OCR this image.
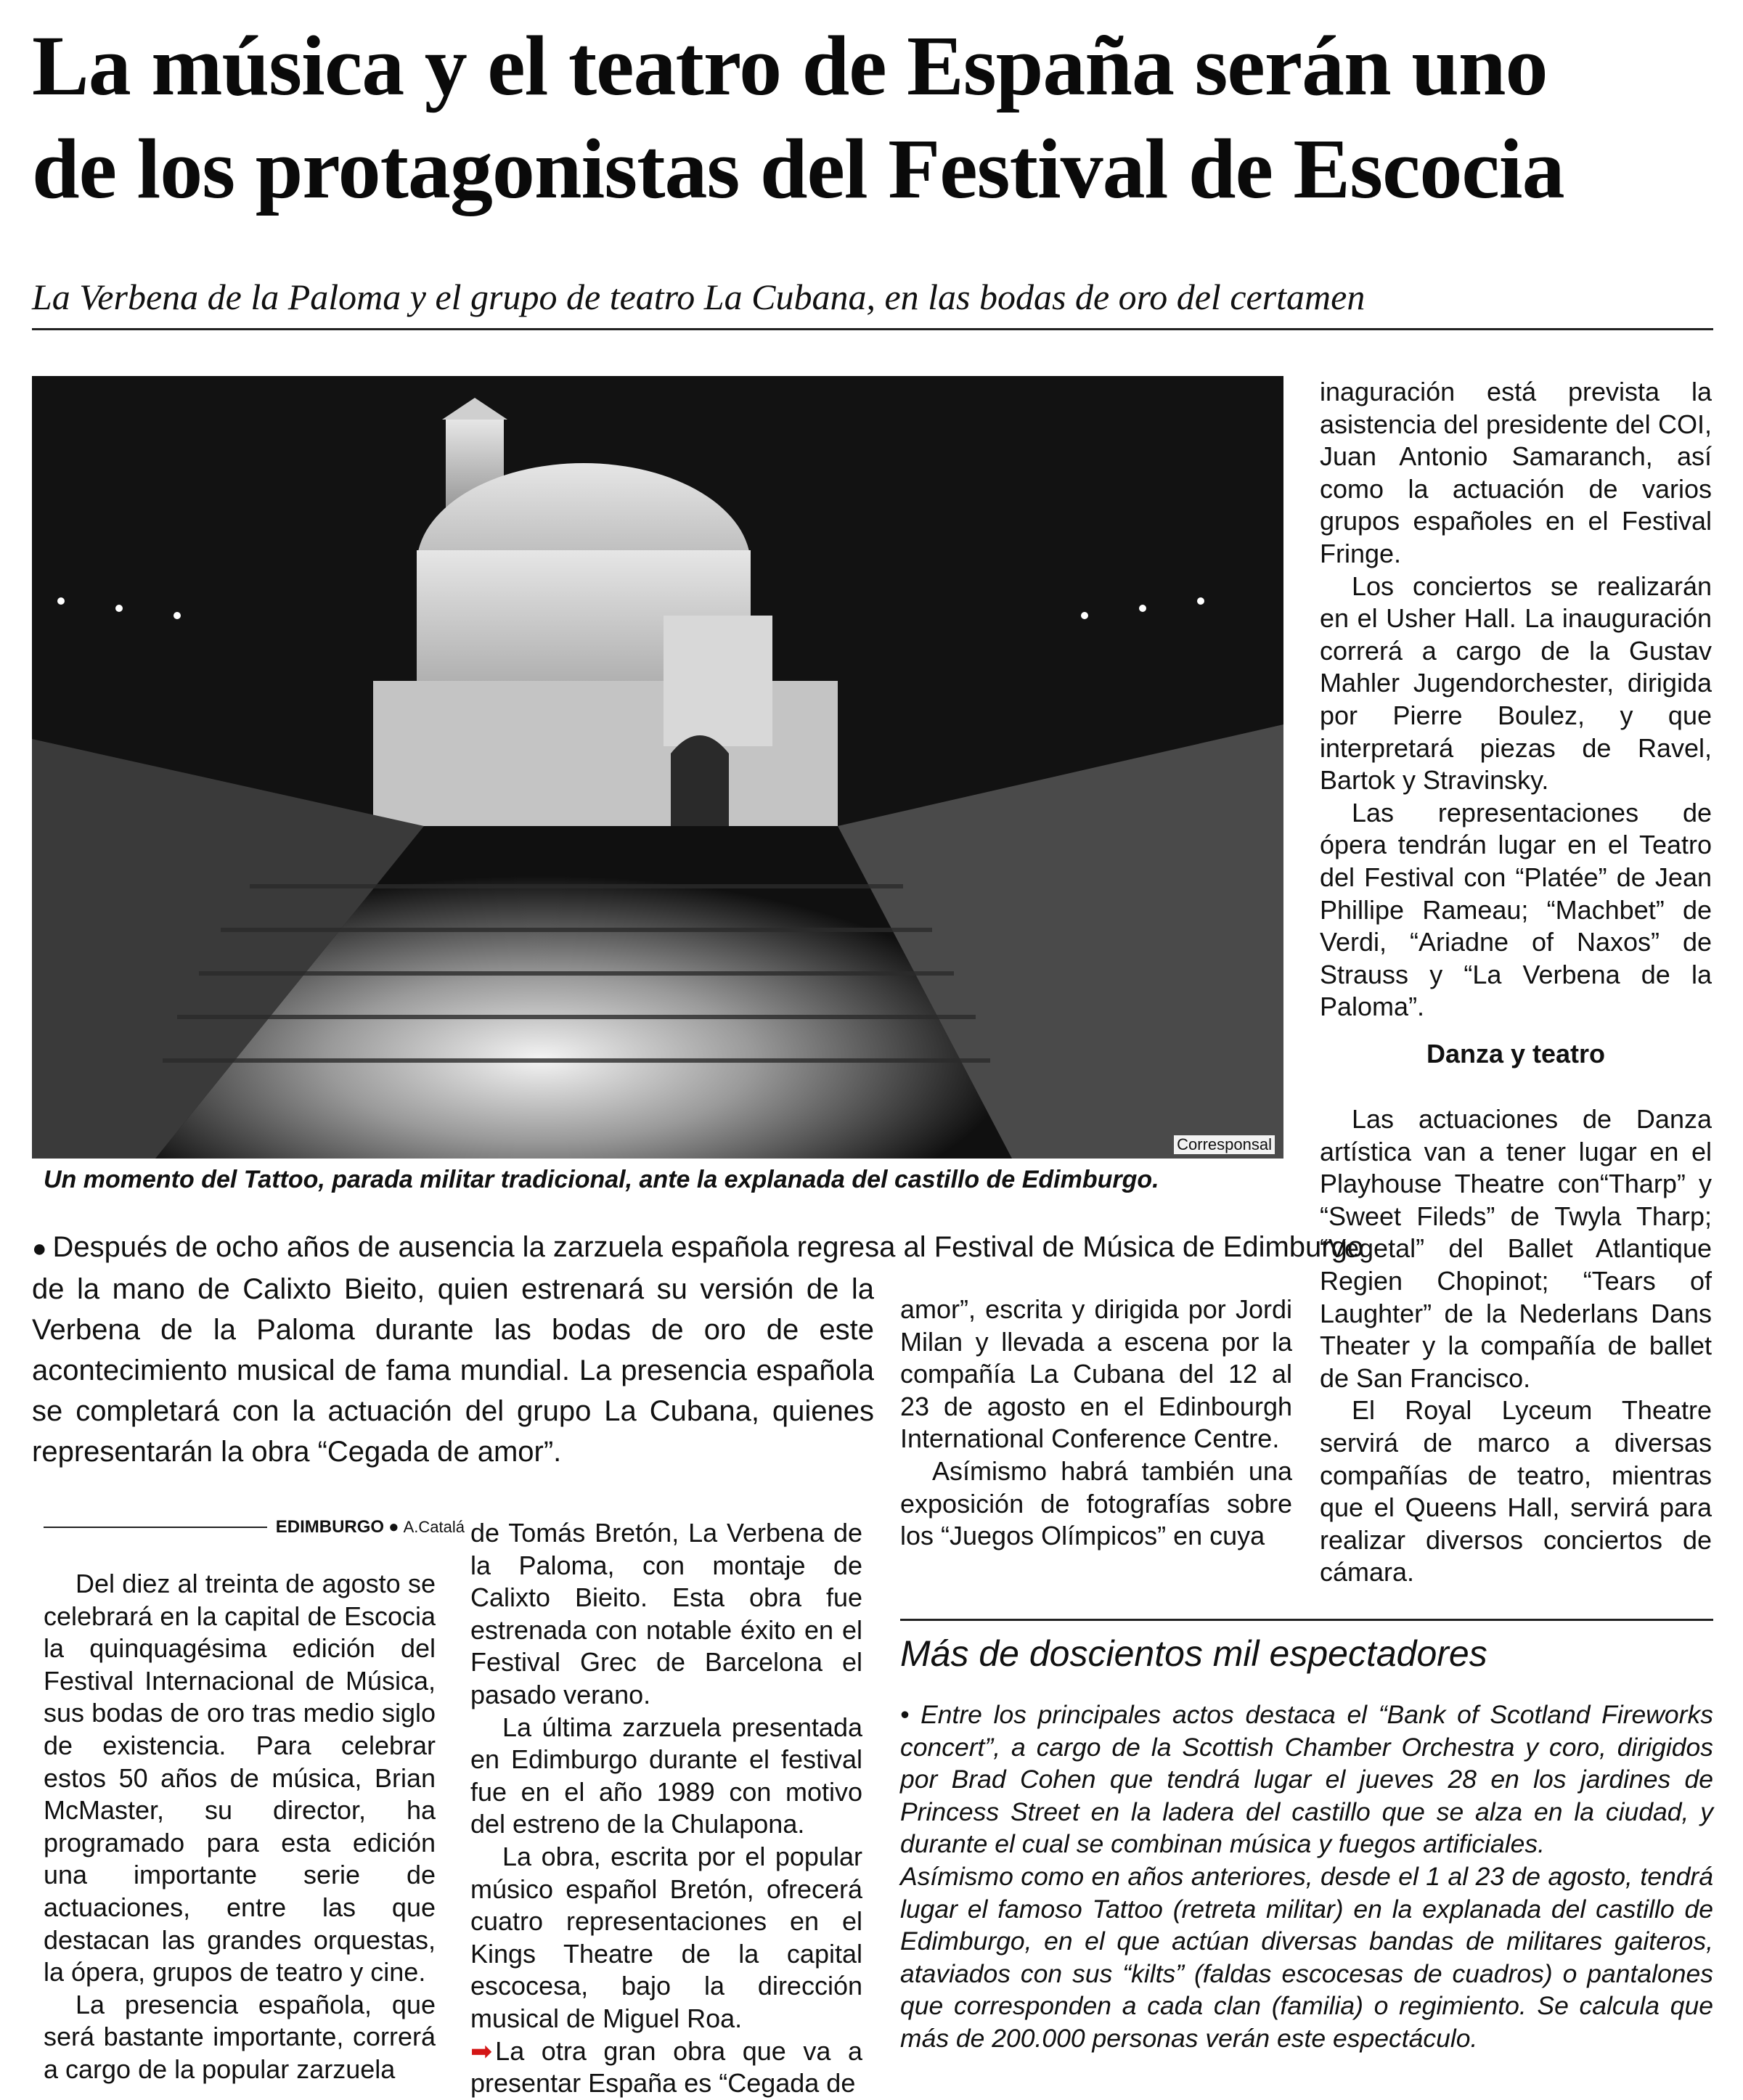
La música y el teatro de España serán uno
de los protagonistas del Festival de Escocia

La Verbena de la Paloma y el grupo de teatro La Cubana, en las bodas de oro del certamen

Corresponsal

Un momento del Tattoo, parada militar tradicional, ante la explanada del castillo de Edimburgo.

inaguración está prevista la asistencia del presidente del COI, Juan Antonio Samaranch, así como la actuación de varios grupos españoles en el Festival Fringe.

Los conciertos se realizarán en el Usher Hall. La inauguración correrá a cargo de la Gustav Mahler Jugendorchester, dirigida por Pierre Boulez, y que interpretará piezas de Ravel, Bartok y Stravinsky.

Las representaciones de ópera tendrán lugar en el Teatro del Festival con “Platée” de Jean Phillipe Rameau; “Machbet” de Verdi, “Ariadne of Naxos” de Strauss y “La Verbena de la Paloma”.

Danza y teatro

Las actuaciones de Danza artística van a tener lugar en el Playhouse Theatre con“Tharp” y “Sweet Fileds” de Twyla Tharp; “Vegetal” del Ballet Atlantique Regien Chopinot; “Tears of Laughter” de la Nederlans Dans Theater y la compañía de ballet de San Francisco.

El Royal Lyceum Theatre servirá de marco a diversas compañías de teatro, mientras que el Queens Hall, servirá para realizar diversos conciertos de cámara.

● Después de ocho años de ausencia la zarzuela española regresa al Festival de Música de Edimburgo
de la mano de Calixto Bieito, quien estrenará su versión de la Verbena de la Paloma durante las bodas de oro de este acontecimiento musical de fama mundial. La presencia española se completará con la actuación del grupo La Cubana, quienes representarán la obra “Cegada de amor”.
EDIMBURGO ● A.Catalá

Del diez al treinta de agosto se celebrará en la capital de Escocia la quinquagésima edición del Festival Internacional de Música, sus bodas de oro tras medio siglo de existencia. Para celebrar estos 50 años de música, Brian McMaster, su director, ha programado para esta edición una importante serie de actuaciones, entre las que destacan las grandes orquestas, la ópera, grupos de teatro y cine.

La presencia española, que será bastante importante, correrá a cargo de la popular zarzuela

de Tomás Bretón, La Verbena de la Paloma, con montaje de Calixto Bieito. Esta obra fue estrenada con notable éxito en el Festival Grec de Barcelona el pasado verano.

La última zarzuela presentada en Edimburgo durante el festival fue en el año 1989 con motivo del estreno de la Chulapona.

La obra, escrita por el popular músico español Bretón, ofrecerá cuatro representaciones en el Kings Theatre de la capital escocesa, bajo la dirección musical de Miguel Roa.

➡ La otra gran obra que va a presentar España es “Cegada de

amor”, escrita y dirigida por Jordi Milan y llevada a escena por la compañía La Cubana del 12 al 23 de agosto en el Edinbourgh International Conference Centre.

Asímismo habrá también una exposición de fotografías sobre los “Juegos Olímpicos” en cuya

Más de doscientos mil espectadores

• Entre los principales actos destaca el “Bank of Scotland Fireworks concert”, a cargo de la Scottish Chamber Orchestra y coro, dirigidos por Brad Cohen que tendrá lugar el jueves 28 en los jardines de Princess Street en la ladera del castillo que se alza en la ciudad, y durante el cual se combinan música y fuegos artificiales.

Asímismo como en años anteriores, desde el 1 al 23 de agosto, tendrá lugar el famoso Tattoo (retreta militar) en la explanada del castillo de Edimburgo, en el que actúan diversas bandas de militares gaiteros, ataviados con sus “kilts” (faldas escocesas de cuadros) o pantalones que corresponden a cada clan (familia) o regimiento. Se calcula que más de 200.000 personas verán este espectáculo.
